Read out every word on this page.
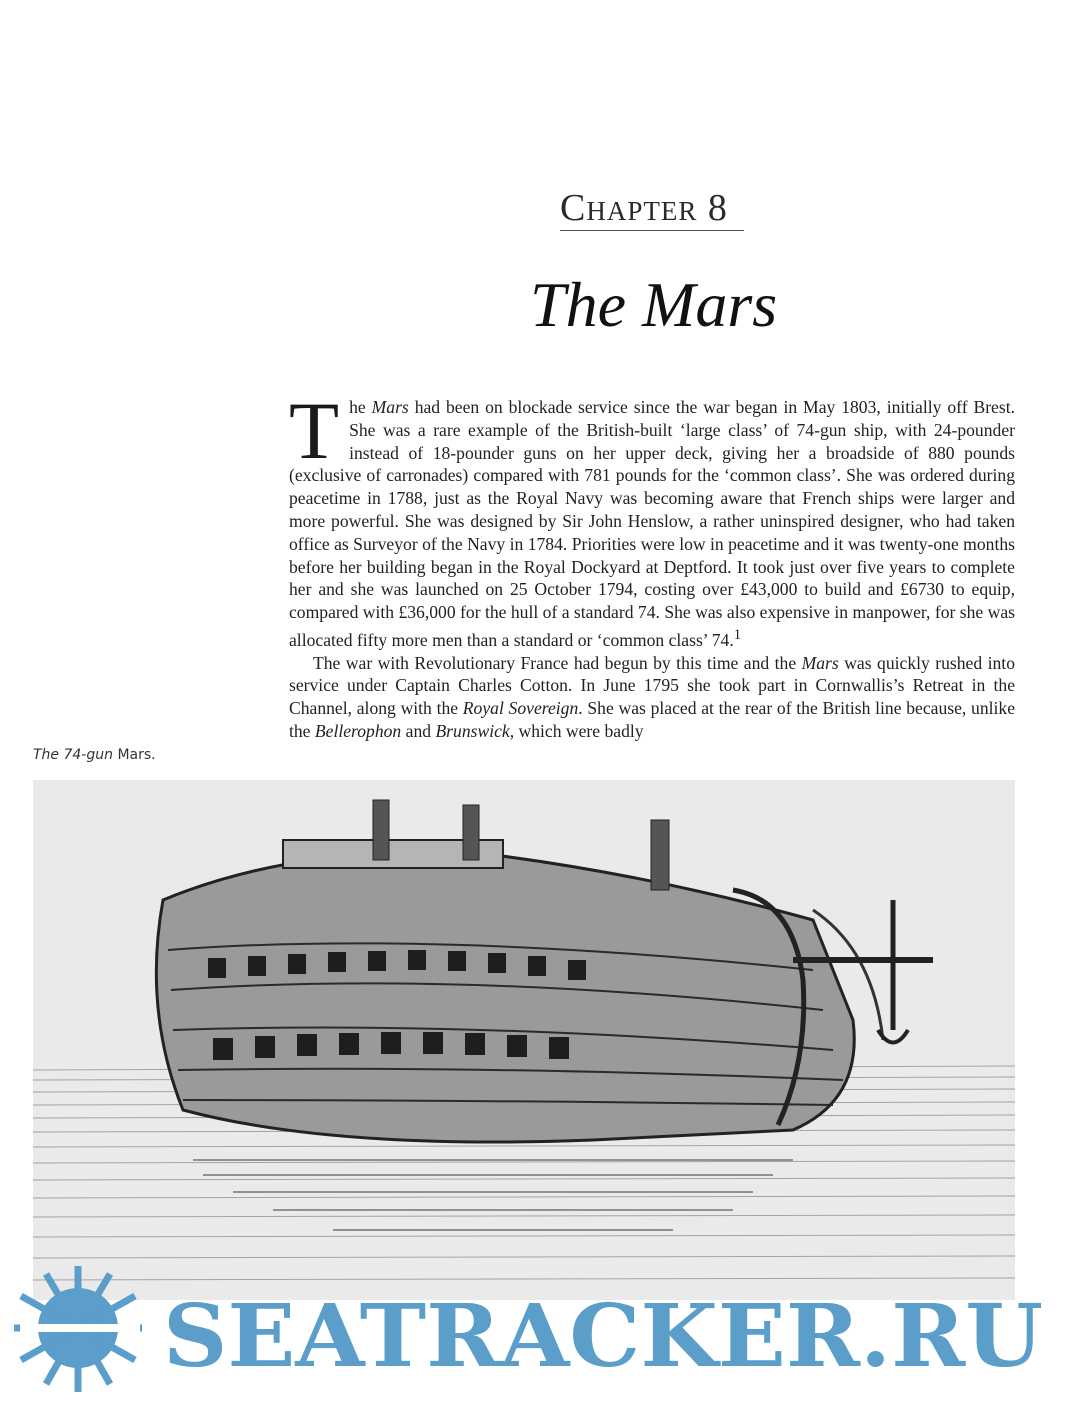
Chapter 8
The Mars

The Mars had been on blockade service since the war began in May 1803, initially off Brest. She was a rare example of the British-built ‘large class’ of 74-gun ship, with 24-pounder instead of 18-pounder guns on her upper deck, giving her a broadside of 880 pounds (exclusive of carronades) compared with 781 pounds for the ‘common class’. She was ordered during peacetime in 1788, just as the Royal Navy was becoming aware that French ships were larger and more powerful. She was designed by Sir John Henslow, a rather uninspired designer, who had taken office as Surveyor of the Navy in 1784. Priorities were low in peacetime and it was twenty-one months before her building began in the Royal Dockyard at Deptford. It took just over five years to complete her and she was launched on 25 October 1794, costing over £43,000 to build and £6730 to equip, compared with £36,000 for the hull of a standard 74. She was also expensive in manpower, for she was allocated fifty more men than a standard or ‘common class’ 74.$^1$

The war with Revolutionary France had begun by this time and the Mars was quickly rushed into service under Captain Charles Cotton. In June 1795 she took part in Cornwallis’s Retreat in the Channel, along with the Royal Sovereign. She was placed at the rear of the British line because, unlike the Bellerophon and Brunswick, which were badly

The 74-gun Mars.
SEATRACKER.RU
